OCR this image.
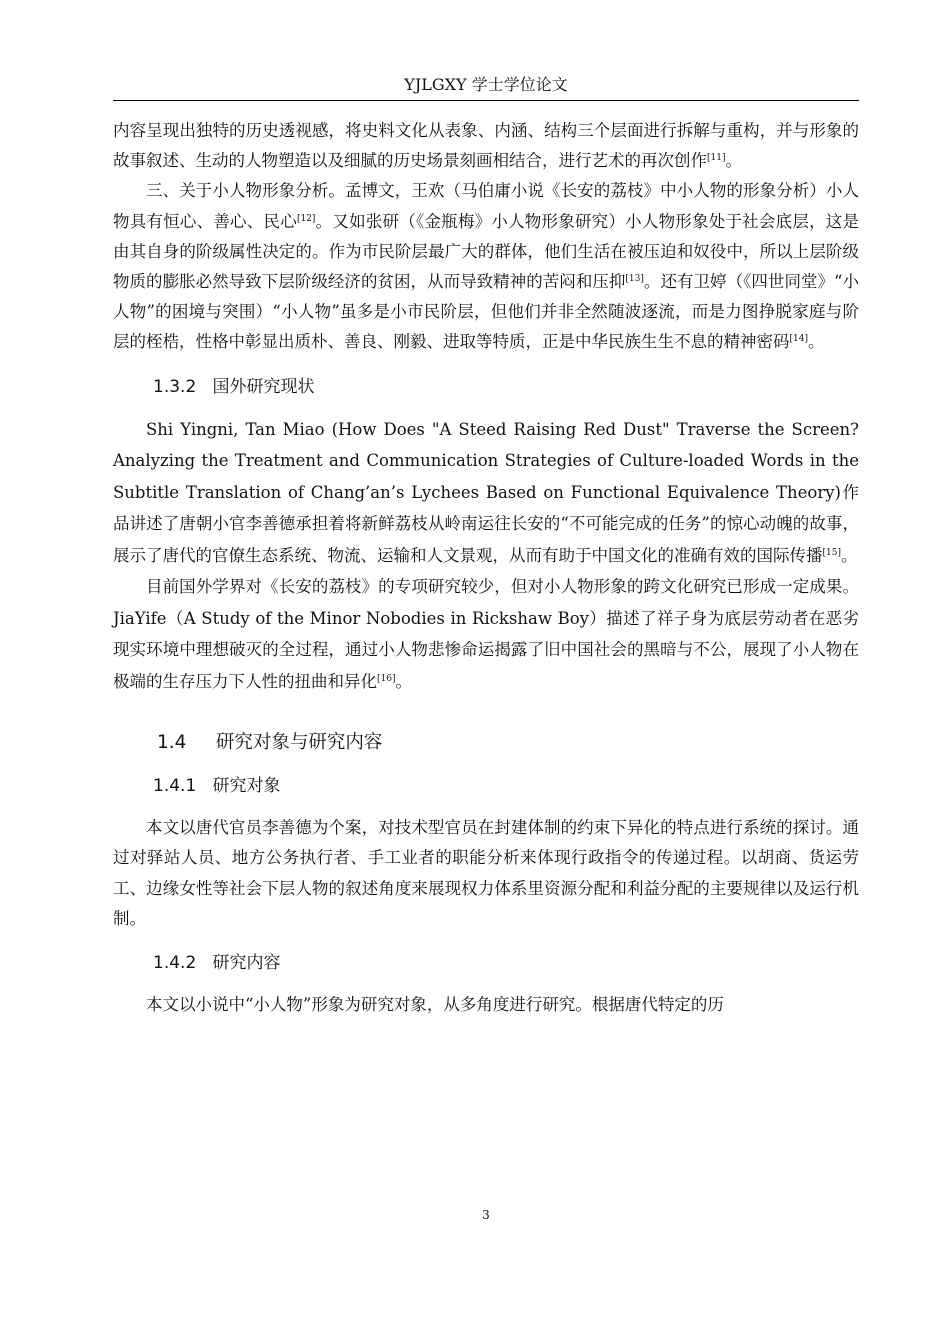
YJLGXY 学士学位论文

内容呈现出独特的历史透视感，将史料文化从表象、内涵、结构三个层面进行拆解与重构，并与形象的故事叙述、生动的人物塑造以及细腻的历史场景刻画相结合，进行艺术的再次创作[11]。

三、关于小人物形象分析。孟博文，王欢（马伯庸小说《长安的荔枝》中小人物的形象分析）小人物具有恒心、善心、民心[12]。又如张研（《金瓶梅》小人物形象研究）小人物形象处于社会底层，这是由其自身的阶级属性决定的。作为市民阶层最广大的群体，他们生活在被压迫和奴役中，所以上层阶级物质的膨胀必然导致下层阶级经济的贫困，从而导致精神的苦闷和压抑[13]。还有卫婷（《四世同堂》“小人物”的困境与突围）“小人物”虽多是小市民阶层，但他们并非全然随波逐流，而是力图挣脱家庭与阶层的桎梏，性格中彰显出质朴、善良、刚毅、进取等特质，正是中华民族生生不息的精神密码[14]。

1.3.2 国外研究现状

Shi Yingni, Tan Miao (How Does "A Steed Raising Red Dust" Traverse the Screen? Analyzing the Treatment and Communication Strategies of Culture-loaded Words in the Subtitle Translation of Chang’an’s Lychees Based on Functional Equivalence Theory)作品讲述了唐朝小官李善德承担着将新鲜荔枝从岭南运往长安的“不可能完成的任务”的惊心动魄的故事，展示了唐代的官僚生态系统、物流、运输和人文景观，从而有助于中国文化的准确有效的国际传播[15]。

目前国外学界对《长安的荔枝》的专项研究较少，但对小人物形象的跨文化研究已形成一定成果。JiaYife（A Study of the Minor Nobodies in Rickshaw Boy）描述了祥子身为底层劳动者在恶劣现实环境中理想破灭的全过程，通过小人物悲惨命运揭露了旧中国社会的黑暗与不公，展现了小人物在极端的生存压力下人性的扭曲和异化[16]。

1.4 研究对象与研究内容
1.4.1 研究对象

本文以唐代官员李善德为个案，对技术型官员在封建体制的约束下异化的特点进行系统的探讨。通过对驿站人员、地方公务执行者、手工业者的职能分析来体现行政指令的传递过程。以胡商、货运劳工、边缘女性等社会下层人物的叙述角度来展现权力体系里资源分配和利益分配的主要规律以及运行机制。

1.4.2 研究内容

本文以小说中“小人物”形象为研究对象，从多角度进行研究。根据唐代特定的历

3
